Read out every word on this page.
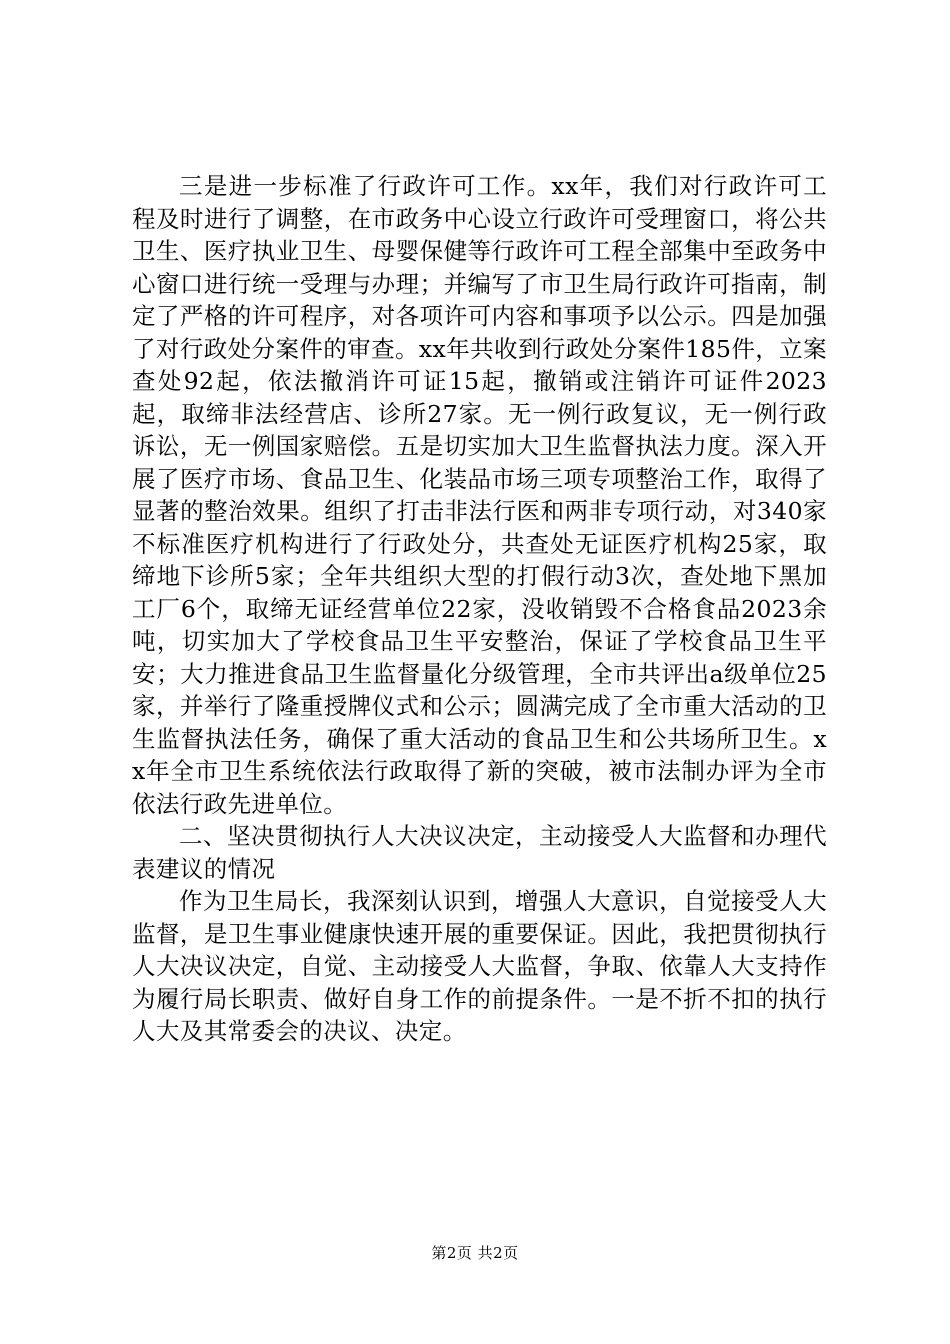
三是进一步标准了行政许可工作。xx年，我们对行政许可工程及时进行了调整，在市政务中心设立行政许可受理窗口，将公共卫生、医疗执业卫生、母婴保健等行政许可工程全部集中至政务中心窗口进行统一受理与办理；并编写了市卫生局行政许可指南，制定了严格的许可程序，对各项许可内容和事项予以公示。四是加强了对行政处分案件的审查。xx年共收到行政处分案件185件，立案查处92起，依法撤消许可证15起，撤销或注销许可证件2023起，取缔非法经营店、诊所27家。无一例行政复议，无一例行政诉讼，无一例国家赔偿。五是切实加大卫生监督执法力度。深入开展了医疗市场、食品卫生、化装品市场三项专项整治工作，取得了显著的整治效果。组织了打击非法行医和两非专项行动，对340家不标准医疗机构进行了行政处分，共查处无证医疗机构25家，取缔地下诊所5家；全年共组织大型的打假行动3次，查处地下黑加工厂6个，取缔无证经营单位22家，没收销毁不合格食品2023余吨，切实加大了学校食品卫生平安整治，保证了学校食品卫生平安；大力推进食品卫生监督量化分级管理，全市共评出a级单位25家，并举行了隆重授牌仪式和公示；圆满完成了全市重大活动的卫生监督执法任务，确保了重大活动的食品卫生和公共场所卫生。xx年全市卫生系统依法行政取得了新的突破，被市法制办评为全市依法行政先进单位。

二、坚决贯彻执行人大决议决定，主动接受人大监督和办理代表建议的情况

作为卫生局长，我深刻认识到，增强人大意识，自觉接受人大监督，是卫生事业健康快速开展的重要保证。因此，我把贯彻执行人大决议决定，自觉、主动接受人大监督，争取、依靠人大支持作为履行局长职责、做好自身工作的前提条件。一是不折不扣的执行人大及其常委会的决议、决定。

第2页 共2页
